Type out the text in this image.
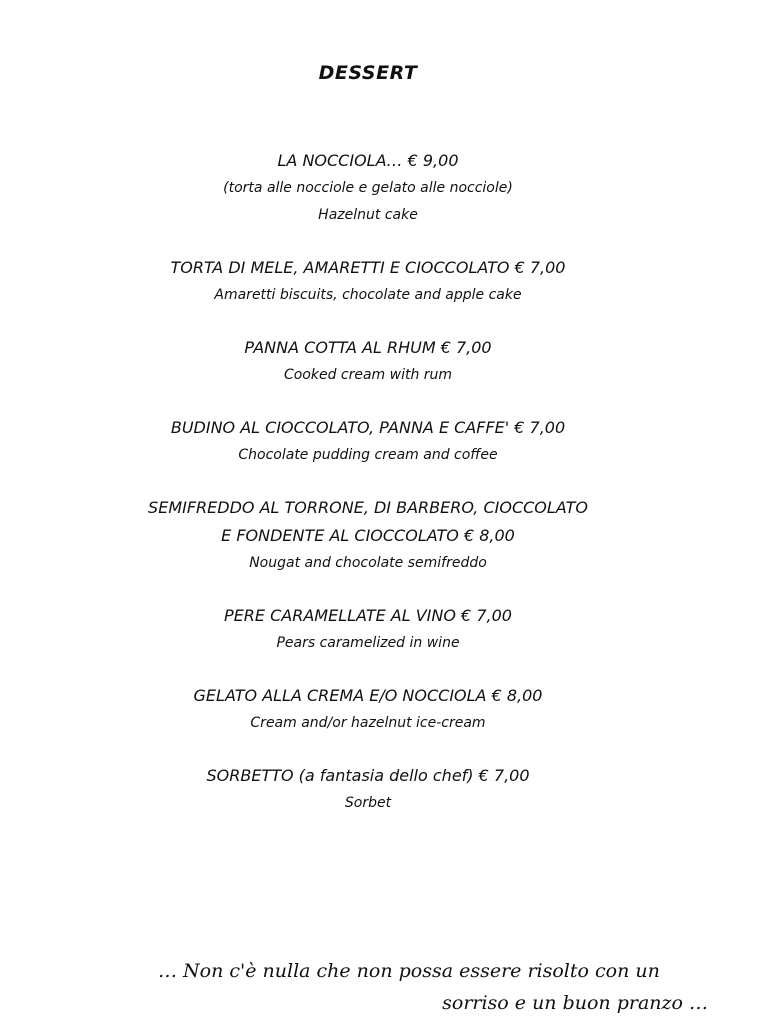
DESSERT
LA NOCCIOLA… € 9,00
(torta alle nocciole e gelato alle nocciole)
Hazelnut cake
TORTA DI MELE, AMARETTI E CIOCCOLATO € 7,00
Amaretti biscuits, chocolate and apple cake
PANNA COTTA AL RHUM € 7,00
Cooked cream with rum
BUDINO AL CIOCCOLATO, PANNA E CAFFE' € 7,00
Chocolate pudding cream and coffee
SEMIFREDDO AL TORRONE, DI BARBERO, CIOCCOLATO
E FONDENTE AL CIOCCOLATO € 8,00
Nougat and chocolate semifreddo
PERE CARAMELLATE AL VINO € 7,00
Pears caramelized in wine
GELATO ALLA CREMA E/O NOCCIOLA € 8,00
Cream and/or hazelnut ice-cream
SORBETTO (a fantasia dello chef) € 7,00
Sorbet
… Non c'è nulla che non possa essere risolto con un
sorriso e un buon pranzo …
